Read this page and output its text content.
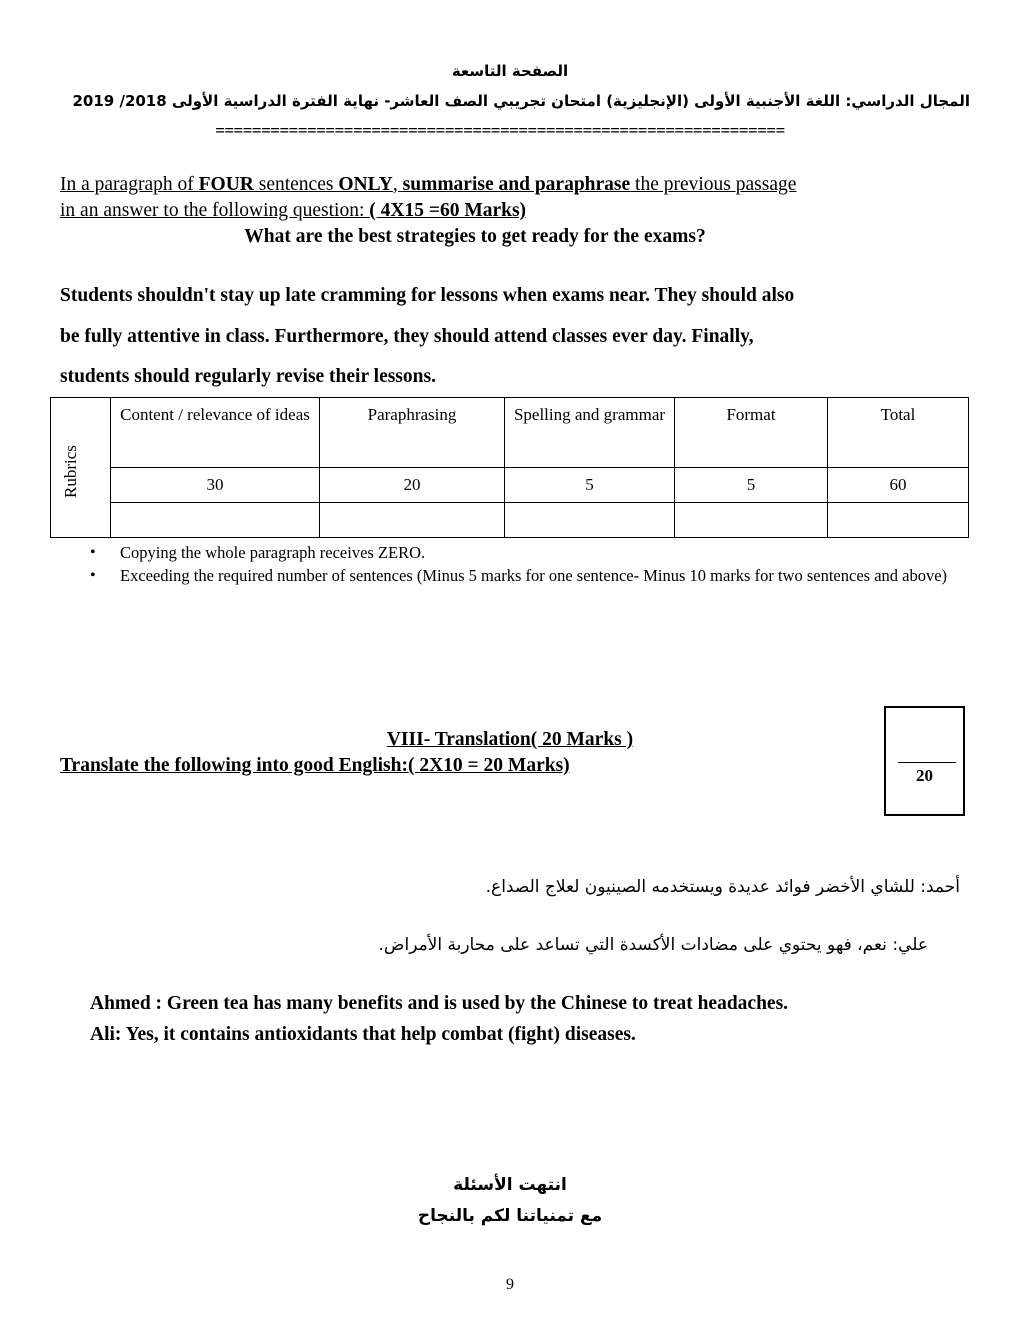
الصفحة التاسعة
المجال الدراسي: اللغة الأجنبية الأولى (الإنجليزية) امتحان تجريبي الصف العاشر- نهاية الفترة الدراسية الأولى 2018/ 2019
==============================================================
In a paragraph of FOUR sentences ONLY, summarise and paraphrase the previous passage
in an answer to the following question: ( 4X15 =60 Marks)
What are the best strategies to get ready for the exams?
Students shouldn't stay up late cramming for lessons when exams near. They should also
be fully attentive in class. Furthermore, they should attend classes ever day. Finally,
students should regularly revise their lessons.
Rubrics	Content / relevance of ideas	Paraphrasing	Spelling and grammar	Format	Total
	30	20	5	5	60

• Copying the whole paragraph receives ZERO.
• Exceeding the required number of sentences (Minus 5 marks for one sentence- Minus 10 marks for two sentences and above)
VIII- Translation( 20 Marks )
Translate the following into good English:( 2X10 = 20 Marks)	20
أحمد: للشاي الأخضر فوائد عديدة ويستخدمه الصينيون لعلاج الصداع.
علي: نعم، فهو يحتوي على مضادات الأكسدة التي تساعد على محاربة الأمراض.
Ahmed : Green tea has many benefits and is used by the Chinese to treat headaches.
Ali: Yes, it contains antioxidants that help combat (fight) diseases.
انتهت الأسئلة
مع تمنياتنا لكم بالنجاح
9
